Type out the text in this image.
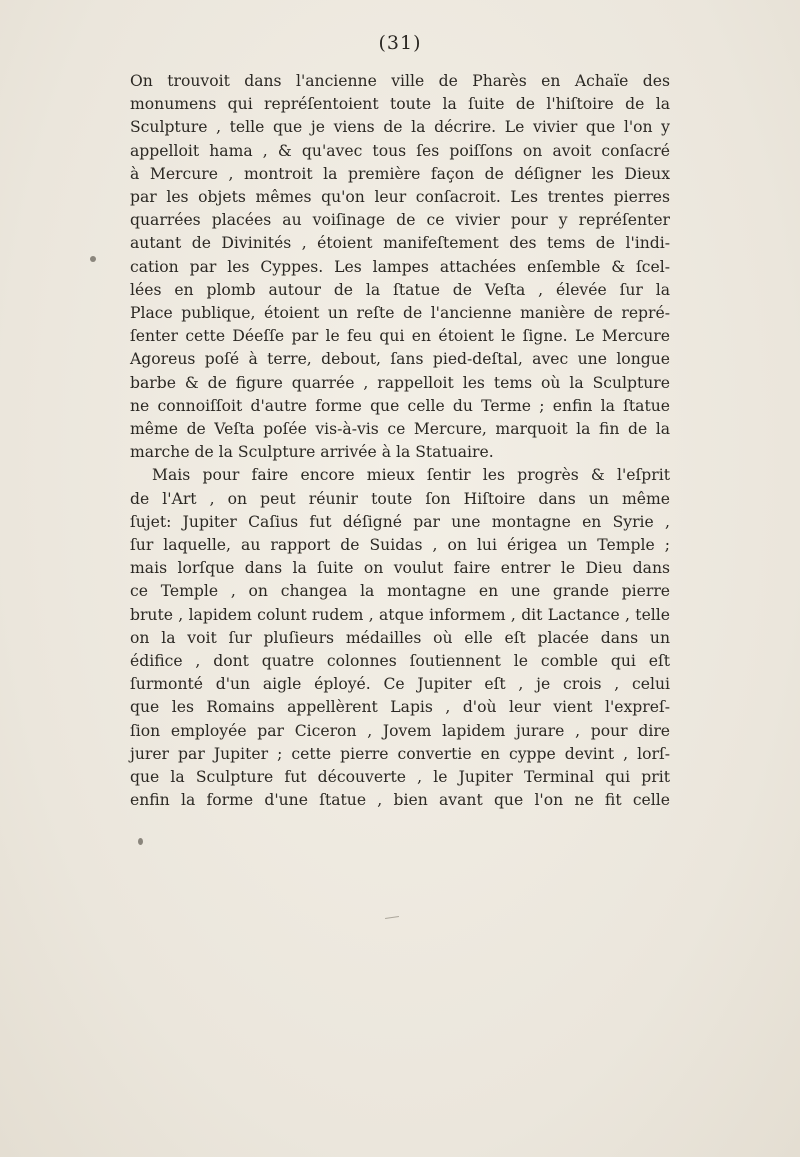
(31)
On trouvoit dans l'ancienne ville de Pharès en Achaïe des
monumens qui repréſentoient toute la ſuite de l'hiſtoire de la
Sculpture , telle que je viens de la décrire. Le vivier que l'on y
appelloit hama , & qu'avec tous ſes poiſſons on avoit conſacré
à Mercure , montroit la première façon de déſigner les Dieux
par les objets mêmes qu'on leur conſacroit. Les trentes pierres
quarrées placées au voiſinage de ce vivier pour y repréſenter
autant de Divinités , étoient manifeſtement des tems de l'indi-
cation par les Cyppes. Les lampes attachées enſemble & ſcel-
lées en plomb autour de la ſtatue de Veſta , élevée ſur la
Place publique, étoient un reſte de l'ancienne manière de repré-
ſenter cette Déeſſe par le feu qui en étoient le ſigne. Le Mercure
Agoreus poſé à terre, debout, ſans pied-deſtal, avec une longue
barbe & de figure quarrée , rappelloit les tems où la Sculpture
ne connoiſſoit d'autre forme que celle du Terme ; enfin la ſtatue
même de Veſta poſée vis-à-vis ce Mercure, marquoit la fin de la
marche de la Sculpture arrivée à la Statuaire.
Mais pour faire encore mieux ſentir les progrès & l'eſprit
de l'Art , on peut réunir toute ſon Hiſtoire dans un même
ſujet: Jupiter Caſius fut déſigné par une montagne en Syrie ,
ſur laquelle, au rapport de Suidas , on lui érigea un Temple ;
mais lorſque dans la ſuite on voulut faire entrer le Dieu dans
ce Temple , on changea la montagne en une grande pierre
brute , lapidem colunt rudem , atque informem , dit Lactance , telle
on la voit ſur pluſieurs médailles où elle eſt placée dans un
édifice , dont quatre colonnes ſoutiennent le comble qui eſt
ſurmonté d'un aigle éployé. Ce Jupiter eſt , je crois , celui
que les Romains appellèrent Lapis , d'où leur vient l'expreſ-
ſion employée par Ciceron , Jovem lapidem jurare , pour dire
jurer par Jupiter ; cette pierre convertie en cyppe devint , lorſ-
que la Sculpture fut découverte , le Jupiter Terminal qui prit
enfin la forme d'une ſtatue , bien avant que l'on ne fit celle
